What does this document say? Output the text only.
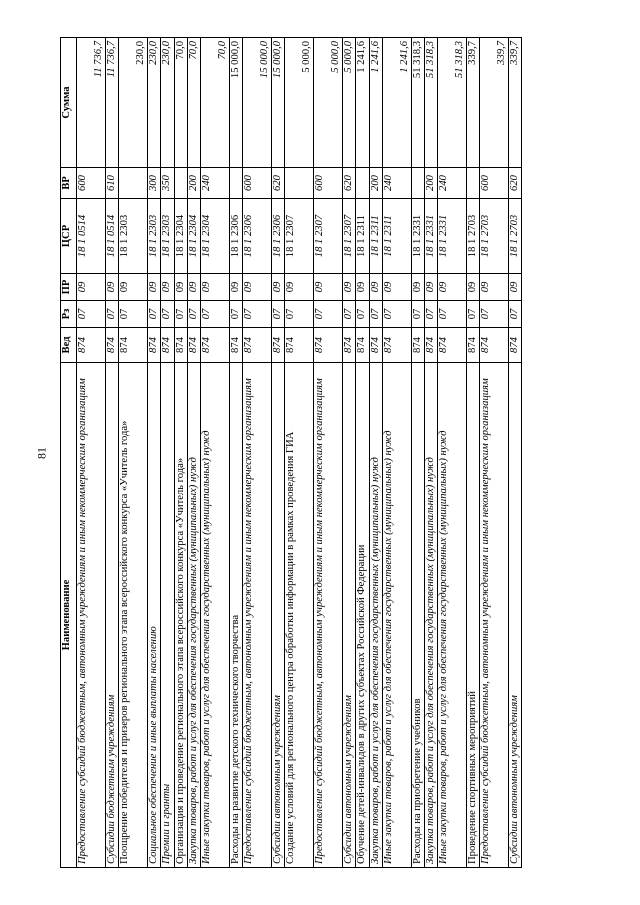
81
Наименование	Вед	Рз	ПР	ЦСР	ВР	Сумма
Предоставление субсидий бюджетным, автономным учреждениям и иным некоммерческим организациям	874	07	09	18 1 0514	600	11 736,7
Субсидии бюджетным учреждениям	874	07	09	18 1 0514	610	11 736,7
Поощрение победителя и призеров регионального этапа всероссийского конкурса «Учитель года»	874	07	09	18 1 2303		230,0
Социальное обеспечение и иные выплаты населению	874	07	09	18 1 2303	300	230,0
Премии и гранты	874	07	09	18 1 2303	350	230,0
Организация и проведение регионального этапа всероссийского конкурса «Учитель года»	874	07	09	18 1 2304		70,0
Закупка товаров, работ и услуг для обеспечения государственных (муниципальных) нужд	874	07	09	18 1 2304	200	70,0
Иные закупки товаров, работ и услуг для обеспечения государственных (муниципальных) нужд	874	07	09	18 1 2304	240	70,0
Расходы на развитие детского технического творчества	874	07	09	18 1 2306		15 000,0
Предоставление субсидий бюджетным, автономным учреждениям и иным некоммерческим организациям	874	07	09	18 1 2306	600	15 000,0
Субсидии автономным учреждениям	874	07	09	18 1 2306	620	15 000,0
Создание условий для регионального центра обработки информации в рамках проведения ГИА	874	07	09	18 1 2307		5 000,0
Предоставление субсидий бюджетным, автономным учреждениям и иным некоммерческим организациям	874	07	09	18 1 2307	600	5 000,0
Субсидии автономным учреждениям	874	07	09	18 1 2307	620	5 000,0
Обучение детей-инвалидов в других субъектах Российской Федерации	874	07	09	18 1 2311		1 241,6
Закупка товаров, работ и услуг для обеспечения государственных (муниципальных) нужд	874	07	09	18 1 2311	200	1 241,6
Иные закупки товаров, работ и услуг для обеспечения государственных (муниципальных) нужд	874	07	09	18 1 2311	240	1 241,6
Расходы на приобретение учебников	874	07	09	18 1 2331		51 318,3
Закупка товаров, работ и услуг для обеспечения государственных (муниципальных) нужд	874	07	09	18 1 2331	200	51 318,3
Иные закупки товаров, работ и услуг для обеспечения государственных (муниципальных) нужд	874	07	09	18 1 2331	240	51 318,3
Проведение спортивных мероприятий	874	07	09	18 1 2703		339,7
Предоставление субсидий бюджетным, автономным учреждениям и иным некоммерческим организациям	874	07	09	18 1 2703	600	339,7
Субсидии автономным учреждениям	874	07	09	18 1 2703	620	339,7
